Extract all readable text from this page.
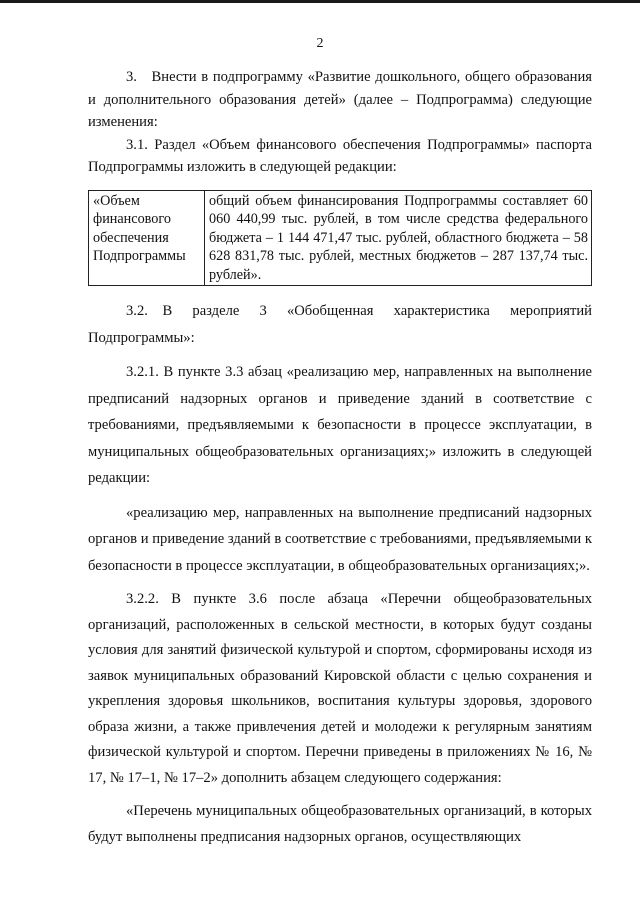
2

3. Внести в подпрограмму «Развитие дошкольного, общего образования и дополнительного образования детей» (далее – Подпрограмма) следующие изменения:

3.1. Раздел «Объем финансового обеспечения Подпрограммы» паспорта Подпрограммы изложить в следующей редакции:

«Объем финансового обеспечения Подпрограммы	общий объем финансирования Подпрограммы составляет 60 060 440,99 тыс. рублей, в том числе средства федерального бюджета – 1 144 471,47 тыс. рублей, областного бюджета – 58 628 831,78 тыс. рублей, местных бюджетов – 287 137,74 тыс. рублей».

3.2. В разделе 3 «Обобщенная характеристика мероприятий Подпрограммы»:

3.2.1. В пункте 3.3 абзац «реализацию мер, направленных на выполнение предписаний надзорных органов и приведение зданий в соответствие с требованиями, предъявляемыми к безопасности в процессе эксплуатации, в муниципальных общеобразовательных организациях;» изложить в следующей редакции:

«реализацию мер, направленных на выполнение предписаний надзорных органов и приведение зданий в соответствие с требованиями, предъявляемыми к безопасности в процессе эксплуатации, в общеобразовательных организациях;».

3.2.2. В пункте 3.6 после абзаца «Перечни общеобразовательных организаций, расположенных в сельской местности, в которых будут созданы условия для занятий физической культурой и спортом, сформированы исходя из заявок муниципальных образований Кировской области с целью сохранения и укрепления здоровья школьников, воспитания культуры здоровья, здорового образа жизни, а также привлечения детей и молодежи к регулярным занятиям физической культурой и спортом. Перечни приведены в приложениях № 16, № 17, № 17–1, № 17–2» дополнить абзацем следующего содержания:

«Перечень муниципальных общеобразовательных организаций, в которых будут выполнены предписания надзорных органов, осуществляющих
